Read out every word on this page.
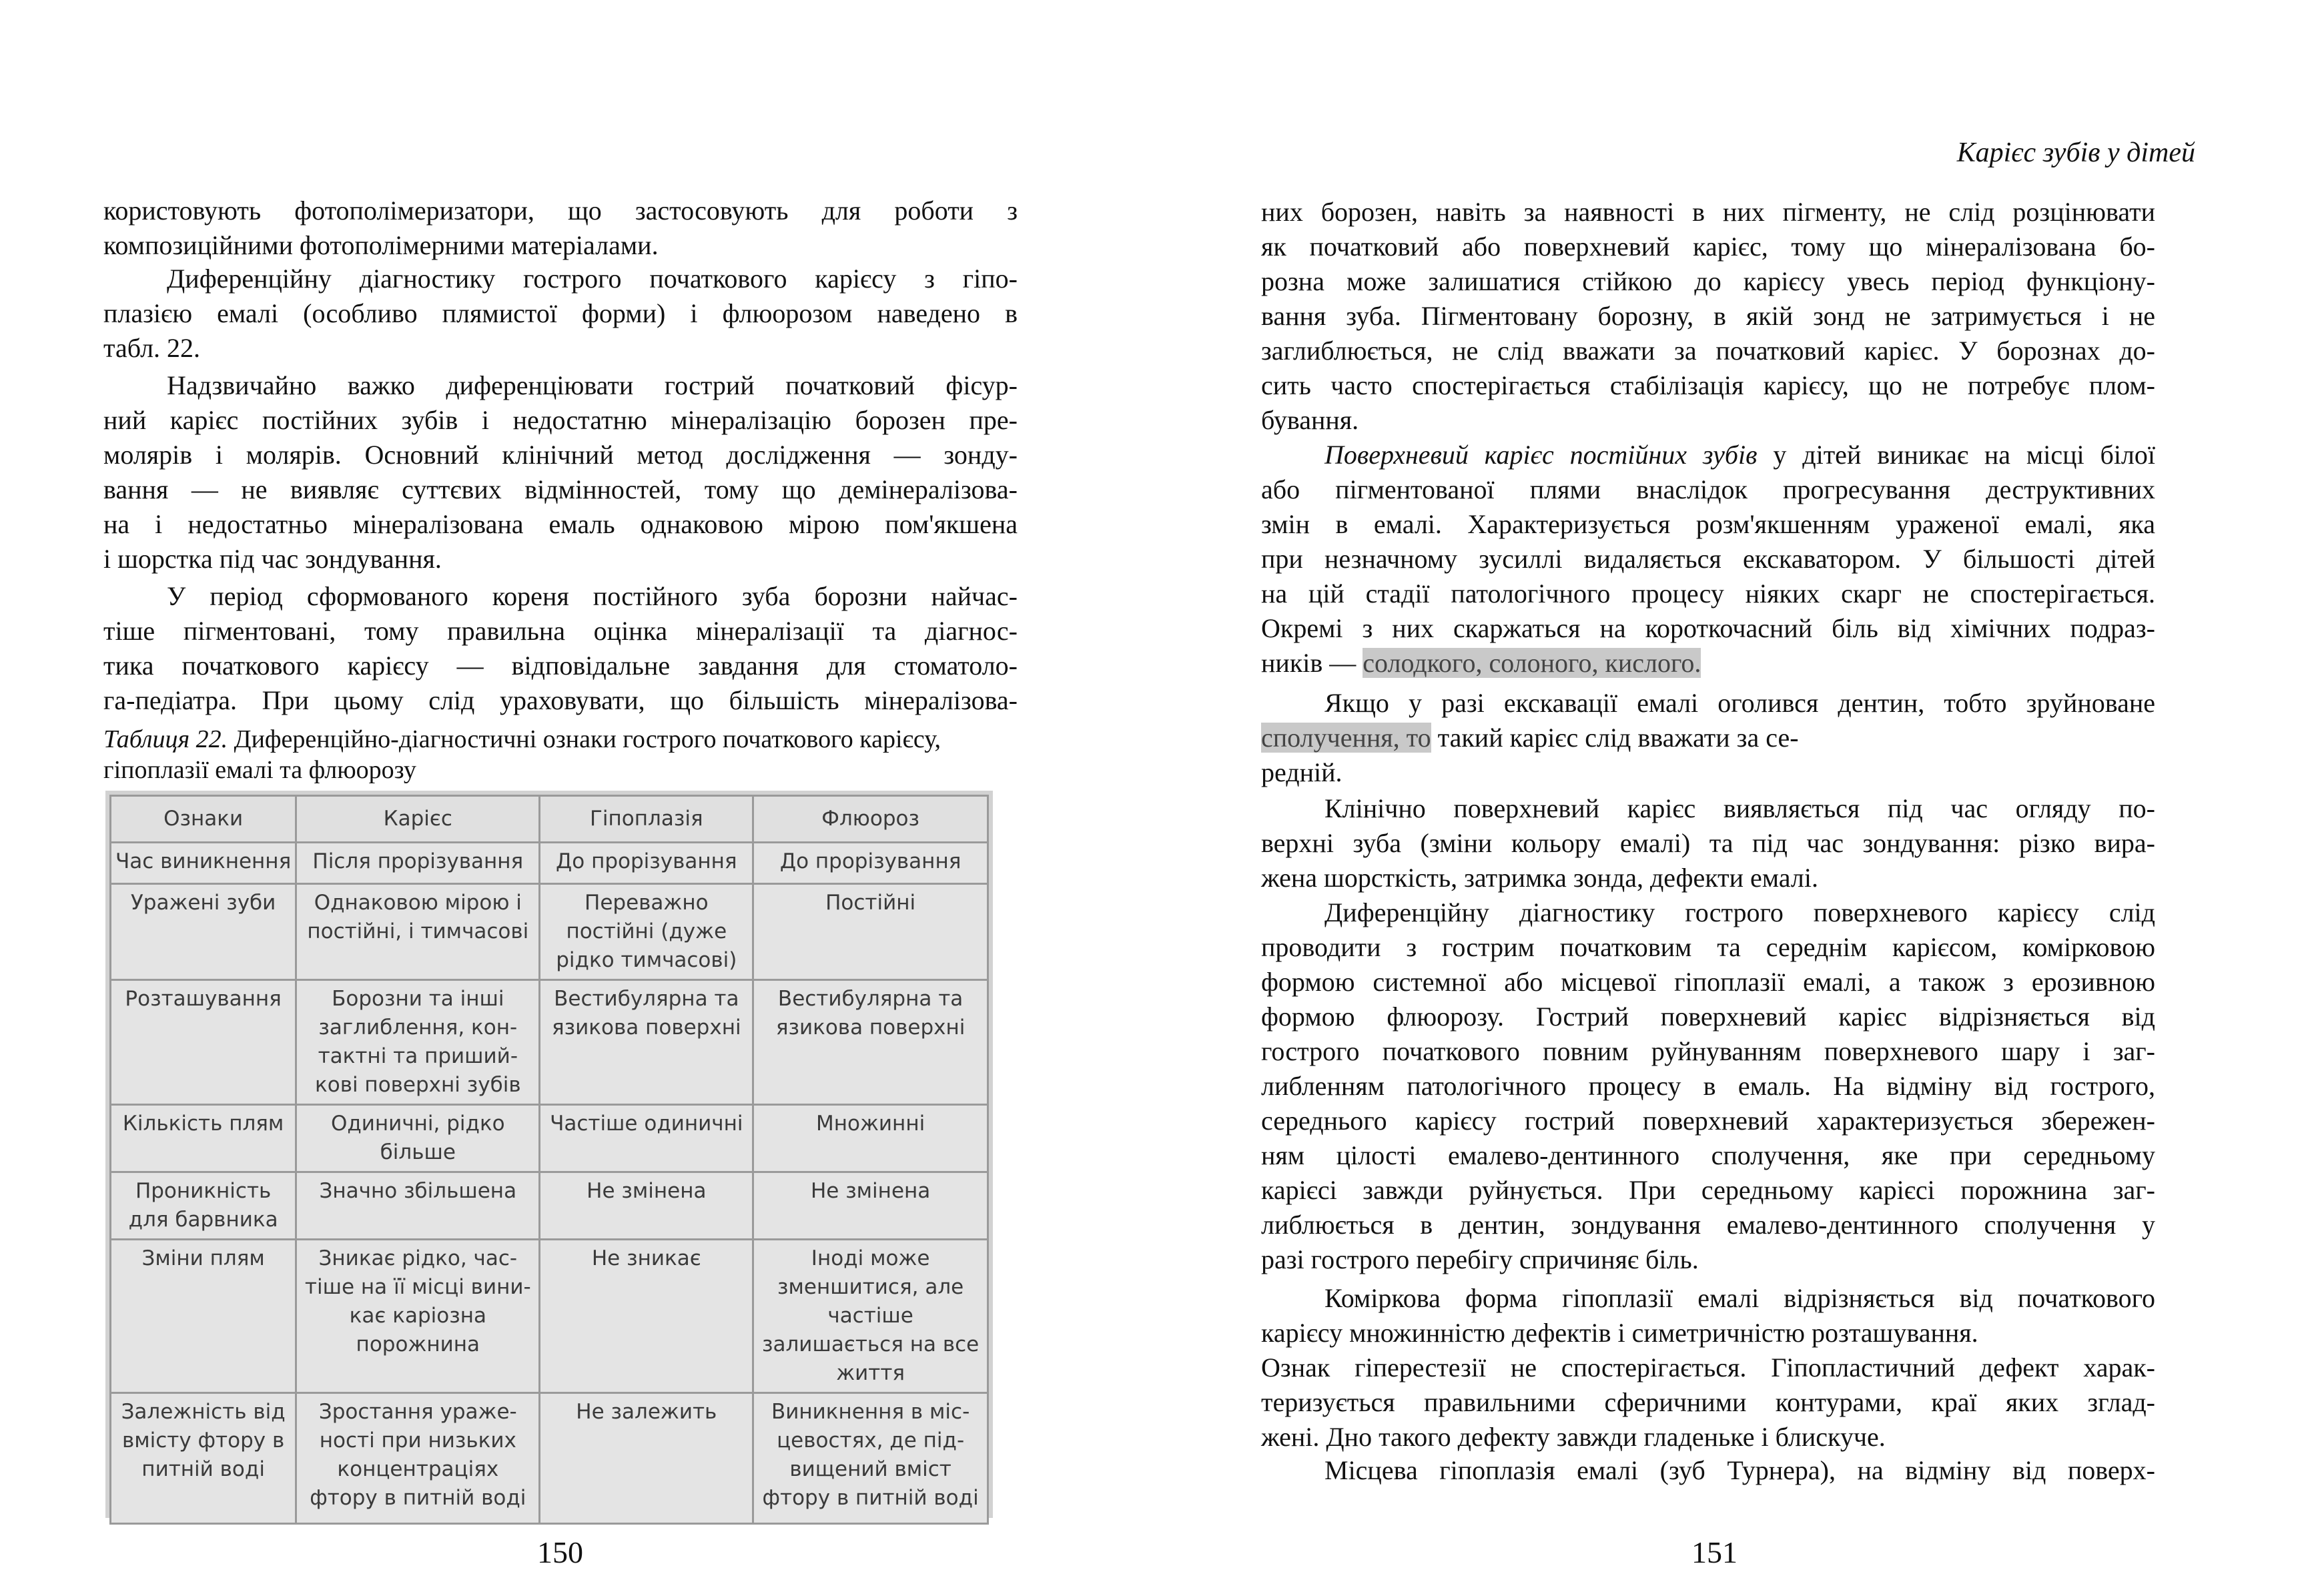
користовують фотополімеризатори, що застосовують для роботи з
композиційними фотополімерними матеріалами.
Диференційну діагностику гострого початкового карієсу з гіпо-
плазією емалі (особливо плямистої форми) і флюорозом наведено в
табл. 22.
Надзвичайно важко диференціювати гострий початковий фісур-
ний карієс постійних зубів і недостатню мінералізацію борозен пре-
молярів і молярів. Основний клінічний метод дослідження — зонду-
вання — не виявляє суттєвих відмінностей, тому що демінералізова-
на і недостатньо мінералізована емаль однаковою мірою пом'якшена
і шорстка під час зондування.
У період сформованого кореня постійного зуба борозни найчас-
тіше пігментовані, тому правильна оцінка мінералізації та діагнос-
тика початкового карієсу — відповідальне завдання для стоматоло-
га-педіатра. При цьому слід ураховувати, що більшість мінералізова-
Таблиця 22. Диференційно-діагностичні ознаки гострого початкового карієсу,
гіпоплазії емалі та флюорозу
Ознаки	Карієс	Гіпоплазія	Флюороз

Час виникнення	Після прорізування	До прорізування	До прорізування

Уражені зуби	Однаковою мірою і
постійні, і тимчасові	Переважно
постійні (дуже
рідко тимчасові)	Постійні

Розташування	Борозни та інші
заглиблення, кон-
тактні та приший-
кові поверхні зубів	Вестибулярна та
язикова поверхні	Вестибулярна та
язикова поверхні

Кількість плям	Одиничні, рідко
більше	Частіше одиничні	Множинні

Проникність
для барвника	Значно збільшена	Не змінена	Не змінена

Зміни плям	Зникає рідко, час-
тіше на її місці вини-
кає каріозна
порожнина	Не зникає	Іноді може
зменшитися, але
частіше
залишається на все
життя

Залежність від
вмісту фтору в
питній воді	Зростання ураже-
ності при низьких
концентраціях
фтору в питній воді	Не залежить	Виникнення в міс-
цевостях, де під-
вищений вміст
фтору в питній воді
150
Карієс зубів у дітей
них борозен, навіть за наявності в них пігменту, не слід розцінювати
як початковий або поверхневий карієс, тому що мінералізована бо-
розна може залишатися стійкою до карієсу увесь період функціону-
вання зуба. Пігментовану борозну, в якій зонд не затримується і не
заглиблюється, не слід вважати за початковий карієс. У борознах до-
сить часто спостерігається стабілізація карієсу, що не потребує плом-
бування.
Поверхневий карієс постійних зубів у дітей виникає на місці білої
або пігментованої плями внаслідок прогресування деструктивних
змін в емалі. Характеризується розм'якшенням ураженої емалі, яка
при незначному зусиллі видаляється екскаватором. У більшості дітей
на цій стадії патологічного процесу ніяких скарг не спостерігається.
Окремі з них скаржаться на короткочасний біль від хімічних подраз-
ників — солодкого, солоного, кислого.
Якщо у разі екскавації емалі оголився дентин, тобто зруйноване
сполучення, то такий карієс слід вважати за се-
редній.
Клінічно поверхневий карієс виявляється під час огляду по-
верхні зуба (зміни кольору емалі) та під час зондування: різко вира-
жена шорсткість, затримка зонда, дефекти емалі.
Диференційну діагностику гострого поверхневого карієсу слід
проводити з гострим початковим та середнім карієсом, комірковою
формою системної або місцевої гіпоплазії емалі, а також з ерозивною
формою флюорозу. Гострий поверхневий карієс відрізняється від
гострого початкового повним руйнуванням поверхневого шару і заг-
либленням патологічного процесу в емаль. На відміну від гострого,
середнього карієсу гострий поверхневий характеризується збережен-
ням цілості емалево-дентинного сполучення, яке при середньому
карієсі завжди руйнується. При середньому карієсі порожнина заг-
либлюється в дентин, зондування емалево-дентинного сполучення у
разі гострого перебігу спричиняє біль.
Коміркова форма гіпоплазії емалі відрізняється від початкового
карієсу множинністю дефектів і симетричністю розташування.
Ознак гіперестезії не спостерігається. Гіпопластичний дефект харак-
теризується правильними сферичними контурами, краї яких зглад-
жені. Дно такого дефекту завжди гладеньке і блискуче.
Місцева гіпоплазія емалі (зуб Турнера), на відміну від поверх-
151
